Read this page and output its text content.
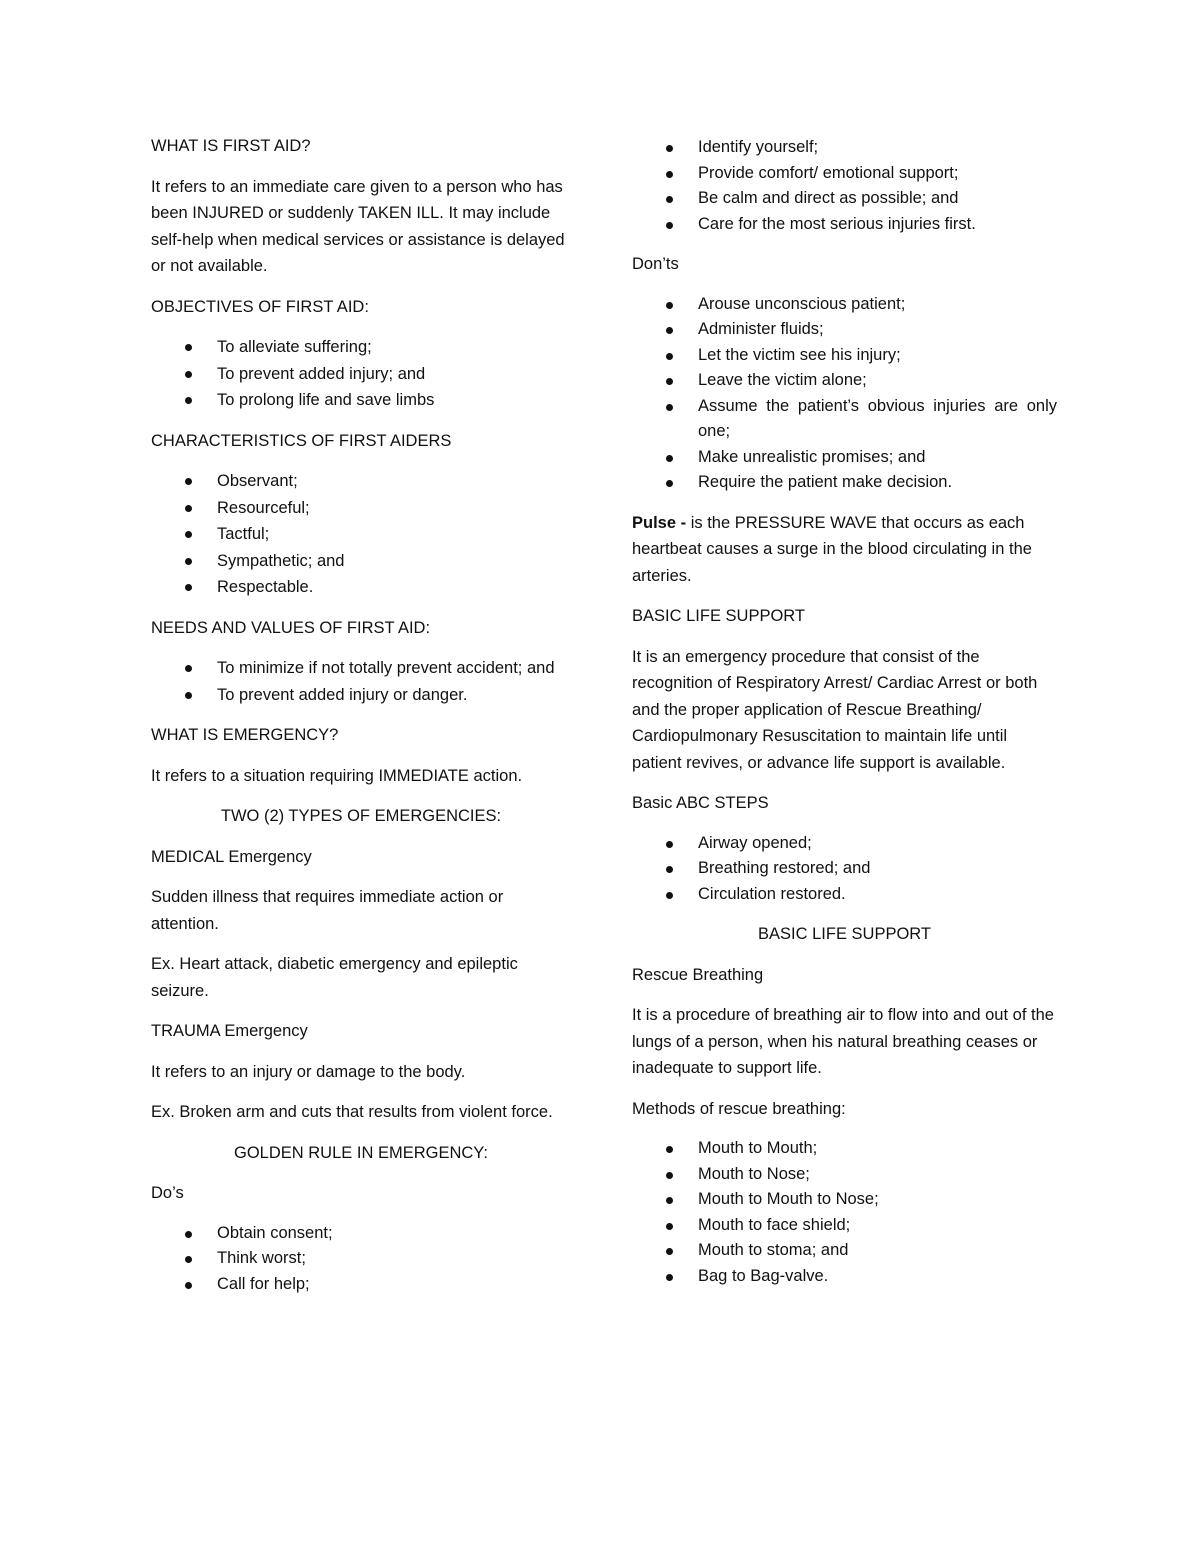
WHAT IS FIRST AID?
It refers to an immediate care given to a person who has been INJURED or suddenly TAKEN ILL. It may include self-help when medical services or assistance is delayed or not available.
OBJECTIVES OF FIRST AID:
To alleviate suffering;
To prevent added injury; and
To prolong life and save limbs
CHARACTERISTICS OF FIRST AIDERS
Observant;
Resourceful;
Tactful;
Sympathetic; and
Respectable.
NEEDS AND VALUES OF FIRST AID:
To minimize if not totally prevent accident; and
To prevent added injury or danger.
WHAT IS EMERGENCY?
It refers to a situation requiring IMMEDIATE action.
TWO (2) TYPES OF EMERGENCIES:
MEDICAL Emergency
Sudden illness that requires immediate action or attention.
Ex. Heart attack, diabetic emergency and epileptic seizure.
TRAUMA Emergency
It refers to an injury or damage to the body.
Ex. Broken arm and cuts that results from violent force.
GOLDEN RULE IN EMERGENCY:
Do’s
Obtain consent;
Think worst;
Call for help;
Identify yourself;
Provide comfort/ emotional support;
Be calm and direct as possible; and
Care for the most serious injuries first.
Don’ts
Arouse unconscious patient;
Administer fluids;
Let the victim see his injury;
Leave the victim alone;
Assume the patient’s obvious injuries are only one;
Make unrealistic promises; and
Require the patient make decision.
Pulse - is the PRESSURE WAVE that occurs as each heartbeat causes a surge in the blood circulating in the arteries.
BASIC LIFE SUPPORT
It is an emergency procedure that consist of the recognition of Respiratory Arrest/ Cardiac Arrest or both and the proper application of Rescue Breathing/ Cardiopulmonary Resuscitation to maintain life until patient revives, or advance life support is available.
Basic ABC STEPS
Airway opened;
Breathing restored; and
Circulation restored.
BASIC LIFE SUPPORT
Rescue Breathing
It is a procedure of breathing air to flow into and out of the lungs of a person, when his natural breathing ceases or inadequate to support life.
Methods of rescue breathing:
Mouth to Mouth;
Mouth to Nose;
Mouth to Mouth to Nose;
Mouth to face shield;
Mouth to stoma; and
Bag to Bag-valve.
